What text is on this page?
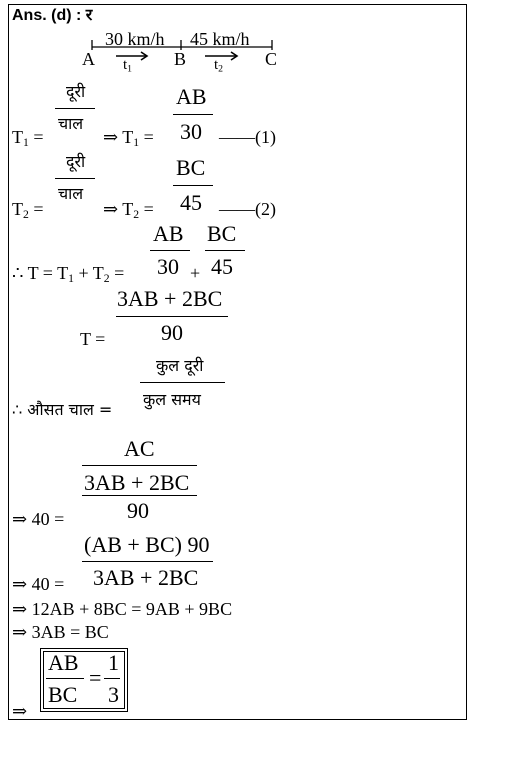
Ans. (d) : र
30 km/h 45 km/h
A	B	C
$t_1$	$t_2$
दूरी
चाल
$T_1$ =	⇒ $T_1$ =
AB
30 ——(1)
दूरी
चाल
$T_2$ =	⇒ $T_2$ =
BC
45 ——(2)
AB
30
BC
45
∴ $T = T_1 + T_2$ =	+
3AB + 2BC
90
T =
कुल दूरी
कुल समय
∴ औसत चाल =
AC
3AB + 2BC
90
⇒ 40 =
(AB + BC) 90
3AB + 2BC
⇒ 40 =
⇒ 12AB + 8BC = 9AB + 9BC
⇒ 3AB = BC
⇒
AB
BC
=
1
3
